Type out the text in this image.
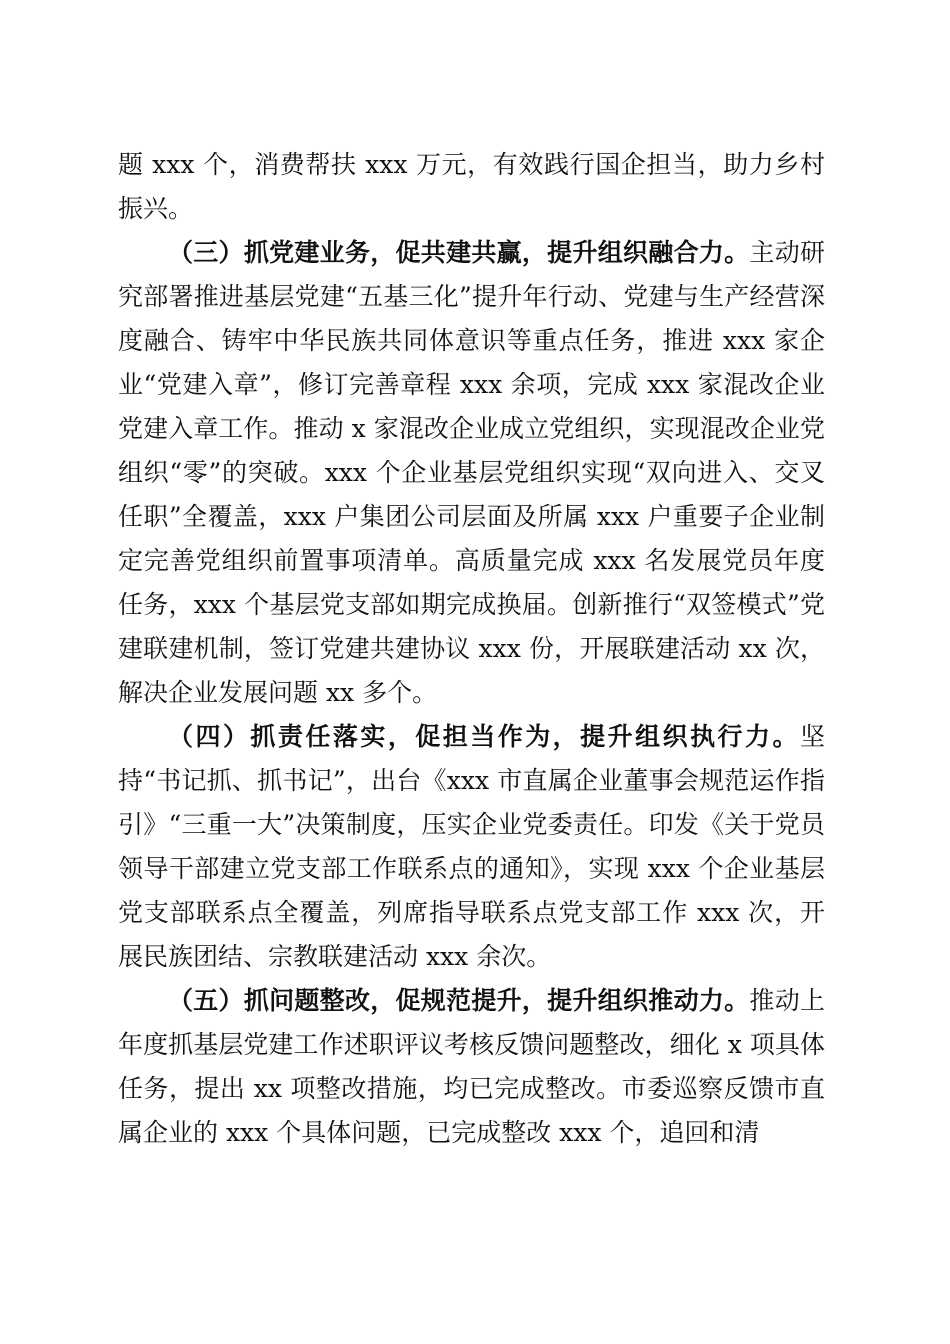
题 xxx 个，消费帮扶 xxx 万元，有效践行国企担当，助力乡村振兴。

（三）抓党建业务，促共建共赢，提升组织融合力。主动研究部署推进基层党建“五基三化”提升年行动、党建与生产经营深度融合、铸牢中华民族共同体意识等重点任务，推进 xxx 家企业“党建入章”，修订完善章程 xxx 余项，完成 xxx 家混改企业党建入章工作。推动 x 家混改企业成立党组织，实现混改企业党组织“零”的突破。xxx 个企业基层党组织实现“双向进入、交叉任职”全覆盖，xxx 户集团公司层面及所属 xxx 户重要子企业制定完善党组织前置事项清单。高质量完成 xxx 名发展党员年度任务，xxx 个基层党支部如期完成换届。创新推行“双签模式”党建联建机制，签订党建共建协议 xxx 份，开展联建活动 xx 次，解决企业发展问题 xx 多个。

（四）抓责任落实，促担当作为，提升组织执行力。坚持“书记抓、抓书记”，出台《xxx 市直属企业董事会规范运作指引》“三重一大”决策制度，压实企业党委责任。印发《关于党员领导干部建立党支部工作联系点的通知》，实现 xxx 个企业基层党支部联系点全覆盖，列席指导联系点党支部工作 xxx 次，开展民族团结、宗教联建活动 xxx 余次。

（五）抓问题整改，促规范提升，提升组织推动力。推动上年度抓基层党建工作述职评议考核反馈问题整改，细化 x 项具体任务，提出 xx 项整改措施，均已完成整改。市委巡察反馈市直属企业的 xxx 个具体问题，已完成整改 xxx 个，追回和清
